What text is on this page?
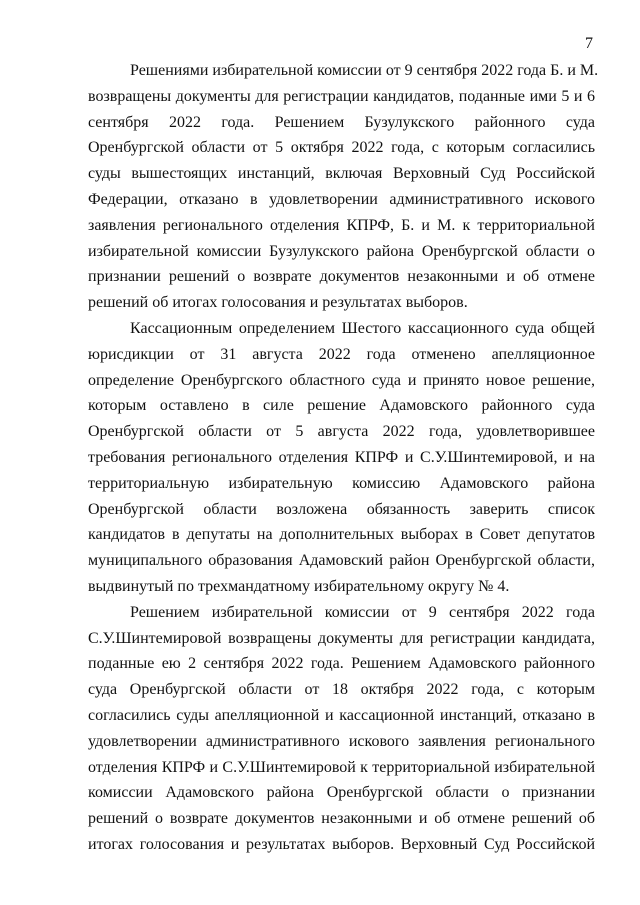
7

Решениями избирательной комиссии от 9 сентября 2022 года Б. и М.
возвращены документы для регистрации кандидатов, поданные ими 5 и 6
сентября 2022 года. Решением Бузулукского районного суда
Оренбургской области от 5 октября 2022 года, с которым согласились
суды вышестоящих инстанций, включая Верховный Суд Российской
Федерации, отказано в удовлетворении административного искового
заявления регионального отделения КПРФ, Б. и М. к территориальной
избирательной комиссии Бузулукского района Оренбургской области о
признании решений о возврате документов незаконными и об отмене
решений об итогах голосования и результатах выборов.

Кассационным определением Шестого кассационного суда общей
юрисдикции от 31 августа 2022 года отменено апелляционное
определение Оренбургского областного суда и принято новое решение,
которым оставлено в силе решение Адамовского районного суда
Оренбургской области от 5 августа 2022 года, удовлетворившее
требования регионального отделения КПРФ и С.У.Шинтемировой, и на
территориальную избирательную комиссию Адамовского района
Оренбургской области возложена обязанность заверить список
кандидатов в депутаты на дополнительных выборах в Совет депутатов
муниципального образования Адамовский район Оренбургской области,
выдвинутый по трехмандатному избирательному округу № 4.

Решением избирательной комиссии от 9 сентября 2022 года
С.У.Шинтемировой возвращены документы для регистрации кандидата,
поданные ею 2 сентября 2022 года. Решением Адамовского районного
суда Оренбургской области от 18 октября 2022 года, с которым
согласились суды апелляционной и кассационной инстанций, отказано в
удовлетворении административного искового заявления регионального
отделения КПРФ и С.У.Шинтемировой к территориальной избирательной
комиссии Адамовского района Оренбургской области о признании
решений о возврате документов незаконными и об отмене решений об
итогах голосования и результатах выборов. Верховный Суд Российской
